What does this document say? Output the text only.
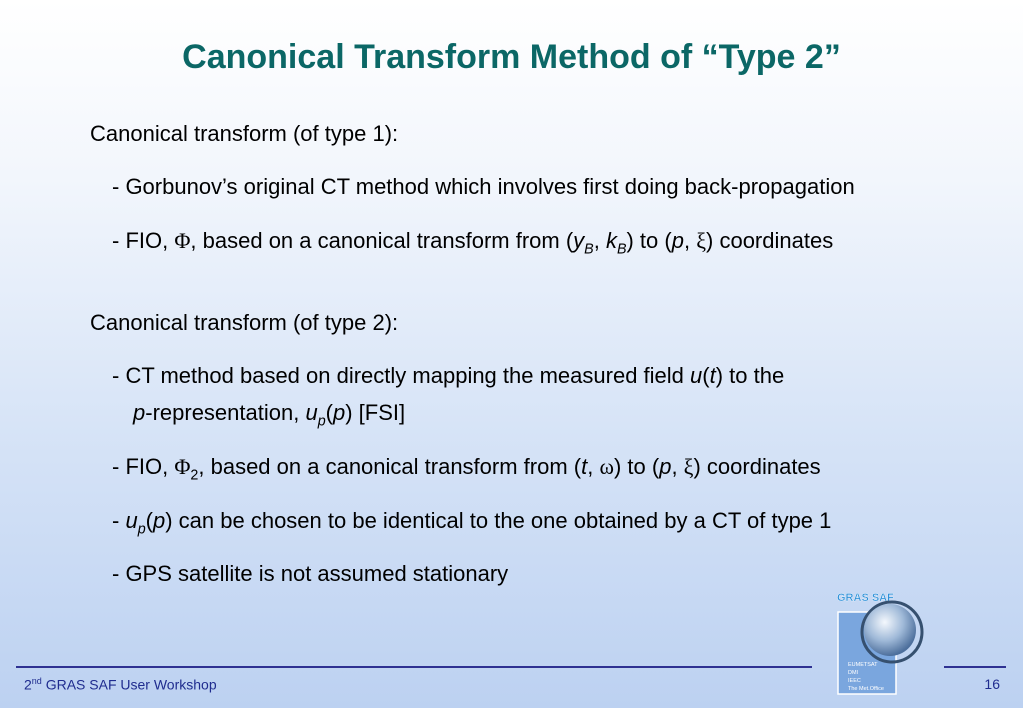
Canonical Transform Method of “Type 2”

Canonical transform (of type 1):

- Gorbunov’s original CT method which involves first doing back-propagation

- FIO, Φ, based on a canonical transform from ($y_B$, $k_B$) to (p, ξ) coordinates

Canonical transform (of type 2):

- CT method based on directly mapping the measured field u(t) to the

p-representation, $u_p(p)$ [FSI]

- FIO, $\Phi_2$, based on a canonical transform from (t, ω) to (p, ξ) coordinates

- $u_p(p)$ can be chosen to be identical to the one obtained by a CT of type 1

- GPS satellite is not assumed stationary

GRAS SAF
EUMETSAT
DMI
IEEC
The Met.Office
2nd GRAS SAF User Workshop	16
